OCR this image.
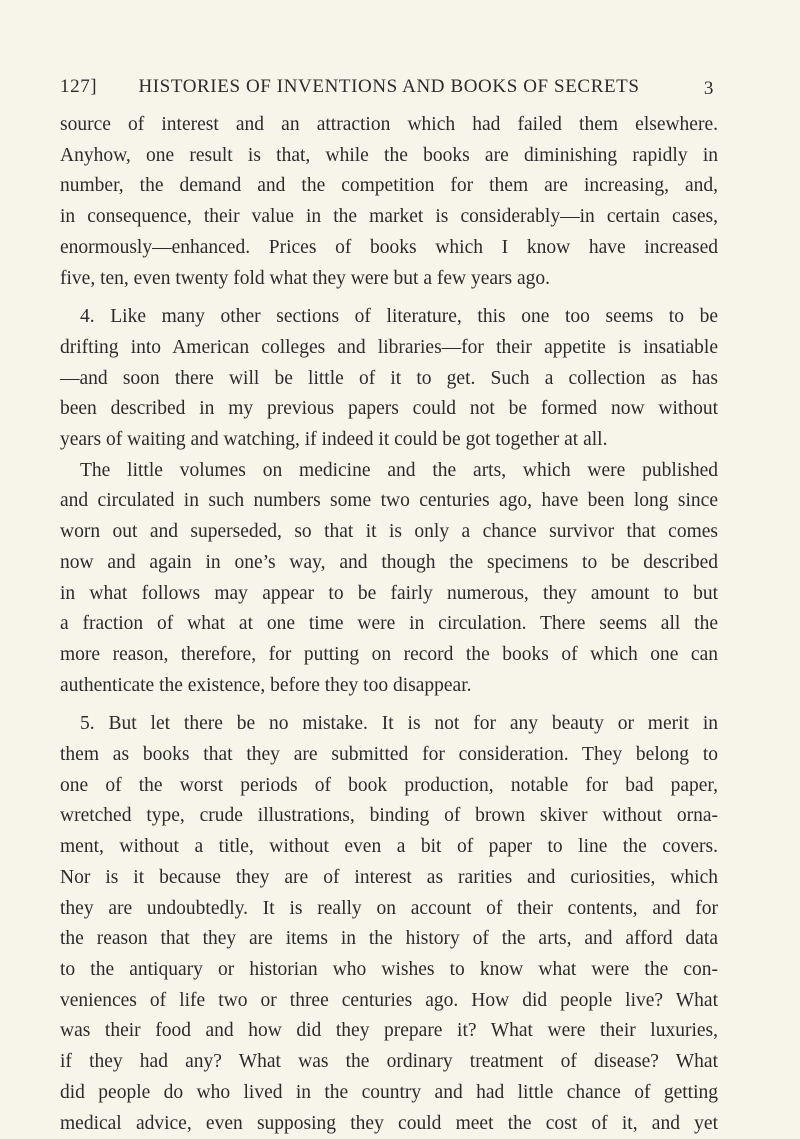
127]	HISTORIES OF INVENTIONS AND BOOKS OF SECRETS	3

source of interest and an attraction which had failed them elsewhere.

Anyhow, one result is that, while the books are diminishing rapidly in

number, the demand and the competition for them are increasing, and,

in consequence, their value in the market is considerably—in certain cases,

enormously—enhanced. Prices of books which I know have increased

five, ten, even twenty fold what they were but a few years ago.

4. Like many other sections of literature, this one too seems to be

drifting into American colleges and libraries—for their appetite is insatiable

—and soon there will be little of it to get. Such a collection as has

been described in my previous papers could not be formed now without

years of waiting and watching, if indeed it could be got together at all.

The little volumes on medicine and the arts, which were published

and circulated in such numbers some two centuries ago, have been long since

worn out and superseded, so that it is only a chance survivor that comes

now and again in one’s way, and though the specimens to be described

in what follows may appear to be fairly numerous, they amount to but

a fraction of what at one time were in circulation. There seems all the

more reason, therefore, for putting on record the books of which one can

authenticate the existence, before they too disappear.

5. But let there be no mistake. It is not for any beauty or merit in

them as books that they are submitted for consideration. They belong to

one of the worst periods of book production, notable for bad paper,

wretched type, crude illustrations, binding of brown skiver without orna-

ment, without a title, without even a bit of paper to line the covers.

Nor is it because they are of interest as rarities and curiosities, which

they are undoubtedly. It is really on account of their contents, and for

the reason that they are items in the history of the arts, and afford data

to the antiquary or historian who wishes to know what were the con-

veniences of life two or three centuries ago. How did people live? What

was their food and how did they prepare it? What were their luxuries,

if they had any? What was the ordinary treatment of disease? What

did people do who lived in the country and had little chance of getting

medical advice, even supposing they could meet the cost of it, and yet
